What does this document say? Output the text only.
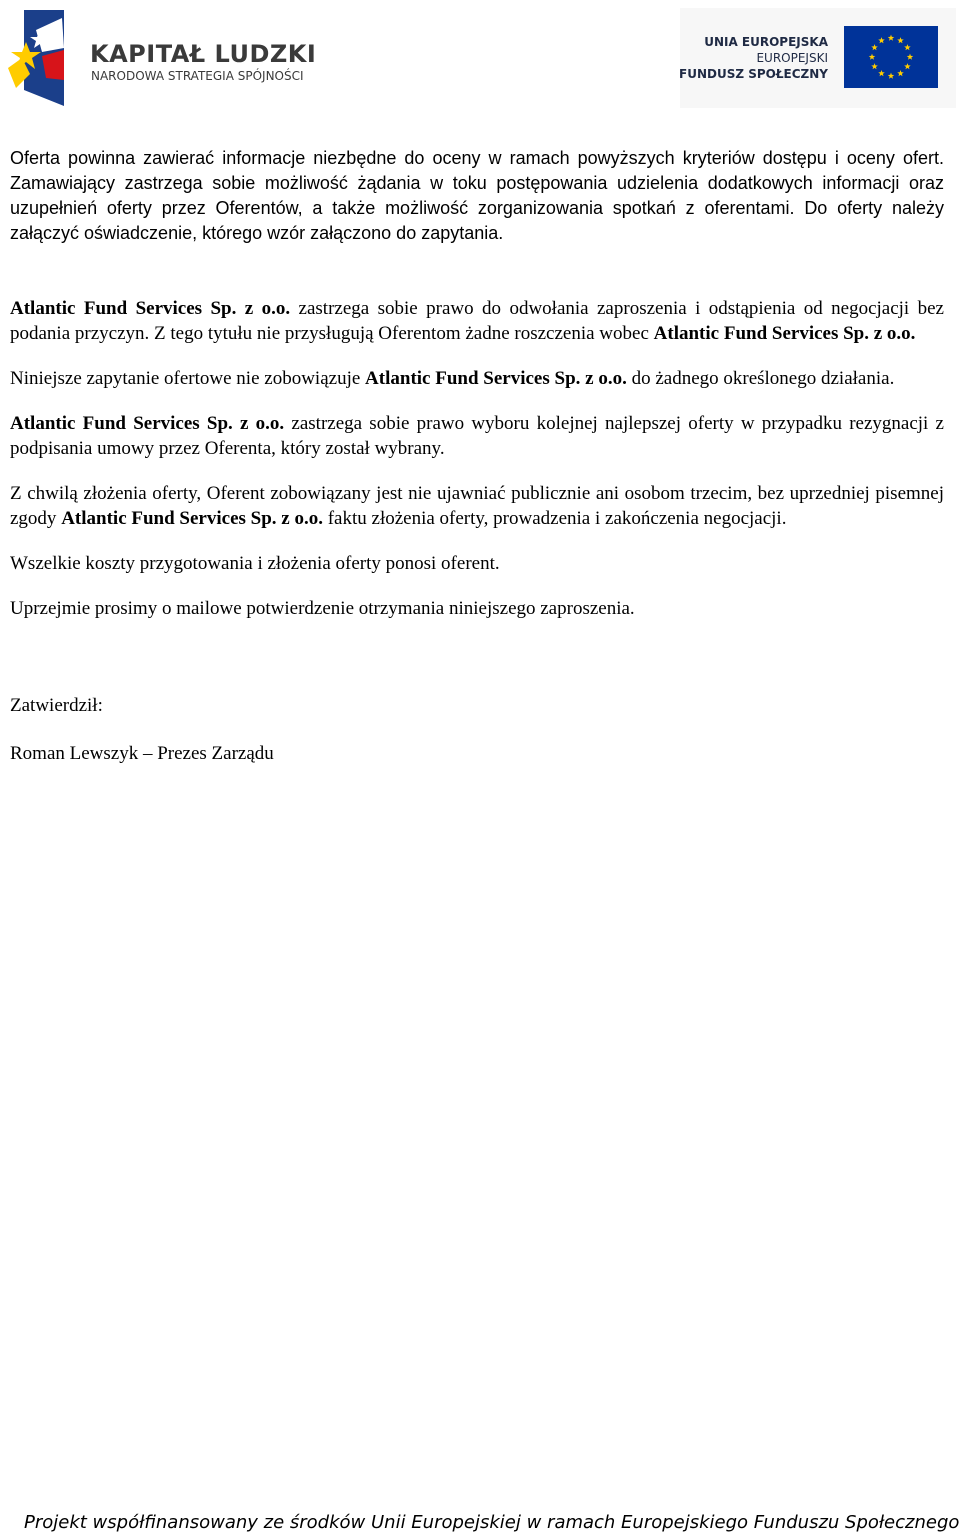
KAPITAŁ LUDZKI
NARODOWA STRATEGIA SPÓJNOŚCI
UNIA EUROPEJSKA
EUROPEJSKI
FUNDUSZ SPOŁECZNY

Oferta powinna zawierać informacje niezbędne do oceny w ramach powyższych kryteriów dostępu i oceny ofert. Zamawiający zastrzega sobie możliwość żądania w toku postępowania udzielenia dodatkowych informacji oraz uzupełnień oferty przez Oferentów, a także możliwość zorganizowania spotkań z oferentami. Do oferty należy załączyć oświadczenie, którego wzór załączono do zapytania.

Atlantic Fund Services Sp. z o.o. zastrzega sobie prawo do odwołania zaproszenia i odstąpienia od negocjacji bez podania przyczyn. Z tego tytułu nie przysługują Oferentom żadne roszczenia wobec Atlantic Fund Services Sp. z o.o.

Niniejsze zapytanie ofertowe nie zobowiązuje Atlantic Fund Services Sp. z o.o. do żadnego określonego działania.

Atlantic Fund Services Sp. z o.o. zastrzega sobie prawo wyboru kolejnej najlepszej oferty w przypadku rezygnacji z podpisania umowy przez Oferenta, który został wybrany.

Z chwilą złożenia oferty, Oferent zobowiązany jest nie ujawniać publicznie ani osobom trzecim, bez uprzedniej pisemnej zgody Atlantic Fund Services Sp. z o.o. faktu złożenia oferty, prowadzenia i zakończenia negocjacji.

Wszelkie koszty przygotowania i złożenia oferty ponosi oferent.

Uprzejmie prosimy o mailowe potwierdzenie otrzymania niniejszego zaproszenia.

Zatwierdził:

Roman Lewszyk – Prezes Zarządu

Projekt współfinansowany ze środków Unii Europejskiej w ramach Europejskiego Funduszu Społecznego
